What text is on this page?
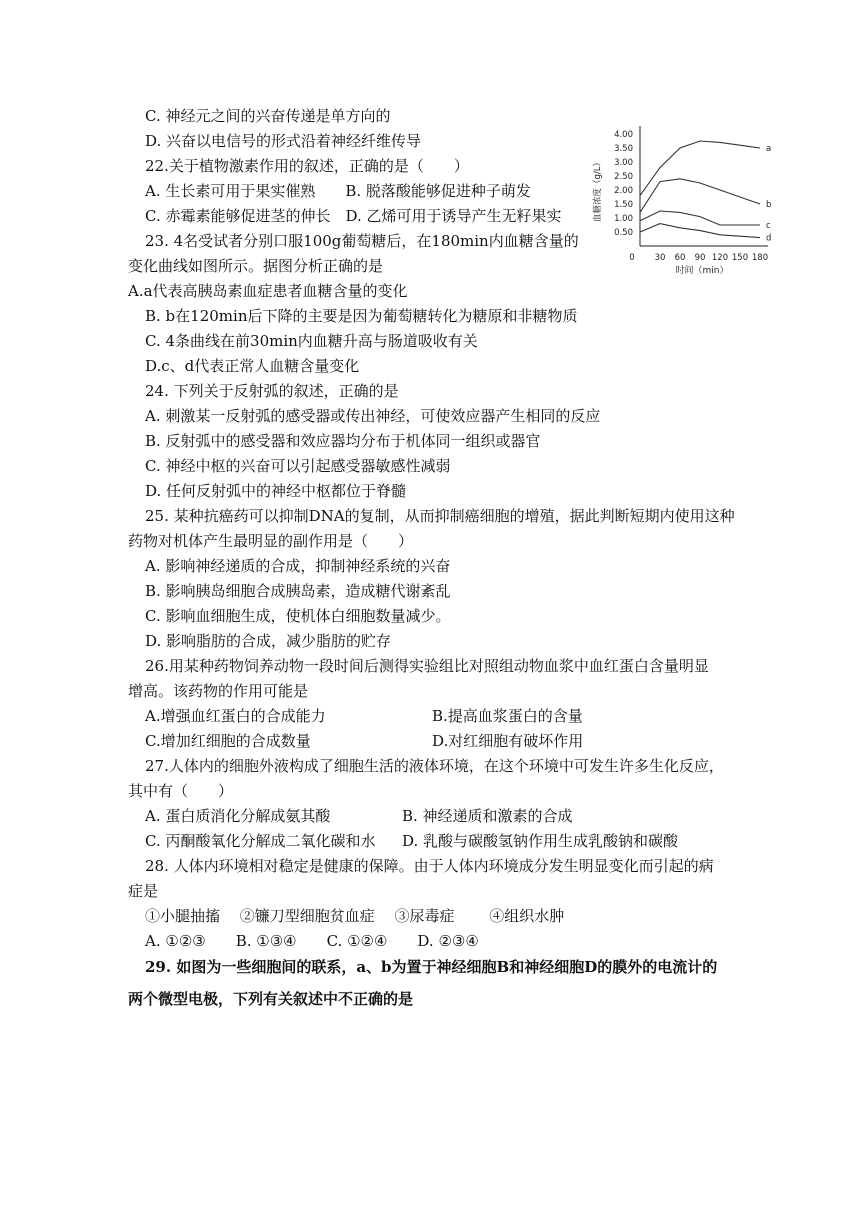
C. 神经元之间的兴奋传递是单方向的
D. 兴奋以电信号的形式沿着神经纤维传导
22.关于植物激素作用的叙述，正确的是（　　）
A. 生长素可用于果实催熟　　B. 脱落酸能够促进种子萌发
C. 赤霉素能够促进茎的伸长　D. 乙烯可用于诱导产生无籽果实
23. 4名受试者分别口服100g葡萄糖后，在180min内血糖含量的
变化曲线如图所示。据图分析正确的是
A.a代表高胰岛素血症患者血糖含量的变化
B. b在120min后下降的主要是因为葡萄糖转化为糖原和非糖物质
C. 4条曲线在前30min内血糖升高与肠道吸收有关
D.c、d代表正常人血糖含量变化
24. 下列关于反射弧的叙述，正确的是
A. 刺激某一反射弧的感受器或传出神经，可使效应器产生相同的反应
B. 反射弧中的感受器和效应器均分布于机体同一组织或器官
C. 神经中枢的兴奋可以引起感受器敏感性减弱
D. 任何反射弧中的神经中枢都位于脊髓
25. 某种抗癌药可以抑制DNA的复制，从而抑制癌细胞的增殖，据此判断短期内使用这种
药物对机体产生最明显的副作用是（　　）
A. 影响神经递质的合成，抑制神经系统的兴奋
B. 影响胰岛细胞合成胰岛素，造成糖代谢紊乱
C. 影响血细胞生成，使机体白细胞数量减少。
D. 影响脂肪的合成，减少脂肪的贮存
26.用某种药物饲养动物一段时间后测得实验组比对照组动物血浆中血红蛋白含量明显
增高。该药物的作用可能是
A.增强血红蛋白的合成能力	B.提高血浆蛋白的含量
C.增加红细胞的合成数量	D.对红细胞有破坏作用
27.人体内的细胞外液构成了细胞生活的液体环境，在这个环境中可发生许多生化反应，
其中有（　　）
A. 蛋白质消化分解成氨其酸	B. 神经递质和激素的合成
C. 丙酮酸氧化分解成二氧化碳和水 D. 乳酸与碳酸氢钠作用生成乳酸钠和碳酸
28. 人体内环境相对稳定是健康的保障。由于人体内环境成分发生明显变化而引起的病
症是
①小腿抽搐　 ②镰刀型细胞贫血症　 ③尿毒症　　 ④组织水肿
A. ①②③　　B. ①③④　　C. ①②④　　D. ②③④
29. 如图为一些细胞间的联系，a、b为置于神经细胞B和神经细胞D的膜外的电流计的
两个微型电极，下列有关叙述中不正确的是
0.50
1.00
1.50
2.00
2.50
3.00
3.50
4.00
0 30 60 90 120 150 180
时间（min）
血糖浓度（g/L）
a
b
c
d
